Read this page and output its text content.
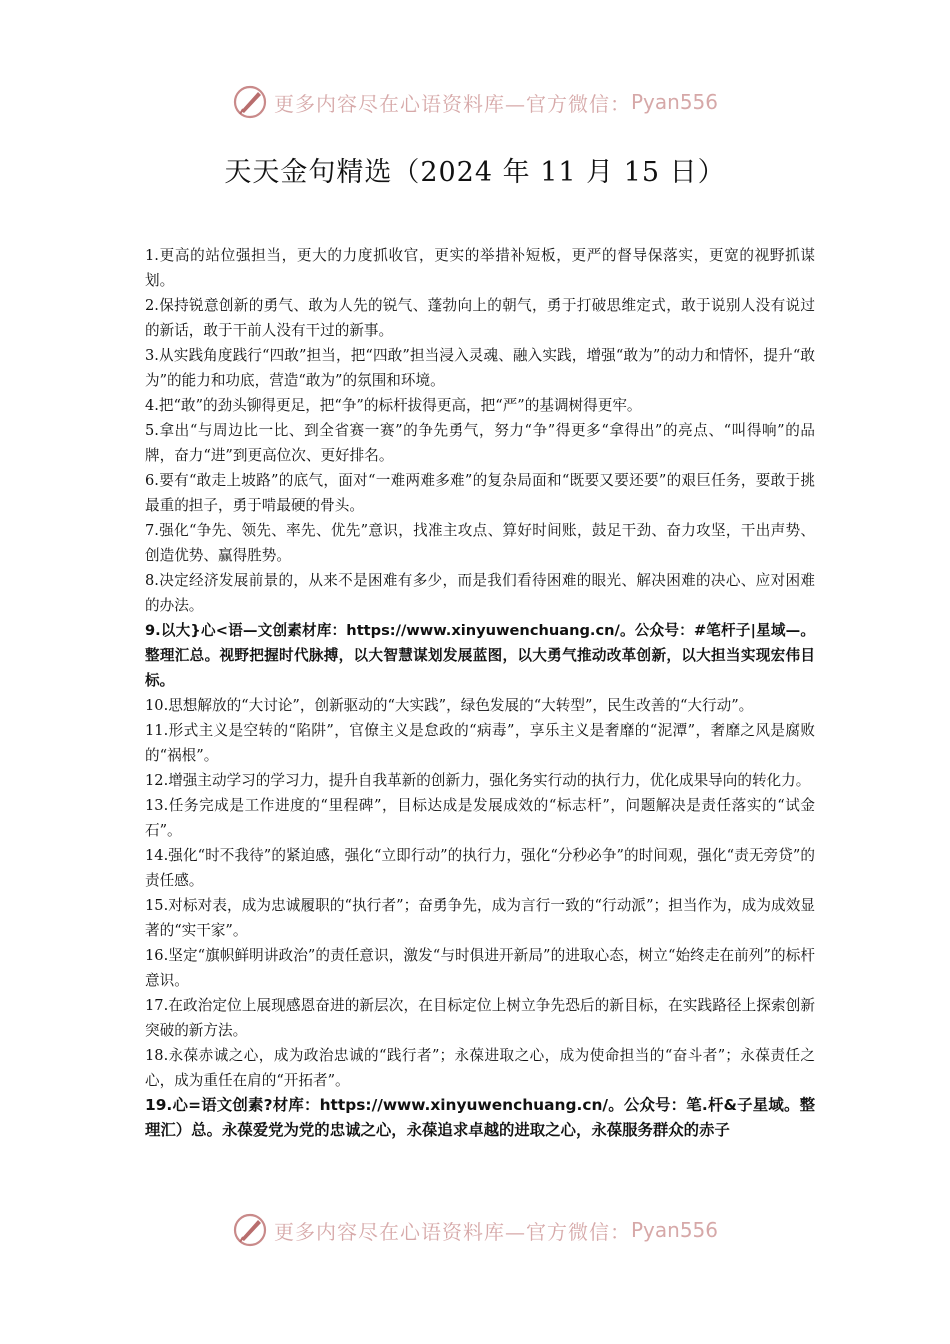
更多内容尽在心语资料库—官方微信： Pyan556
天天金句精选（2024 年 11 月 15 日）

1.更高的站位强担当，更大的力度抓收官，更实的举措补短板，更严的督导保落实，更宽的视野抓谋划。

2.保持锐意创新的勇气、敢为人先的锐气、蓬勃向上的朝气，勇于打破思维定式，敢于说别人没有说过的新话，敢于干前人没有干过的新事。

3.从实践角度践行“四敢”担当，把“四敢”担当浸入灵魂、融入实践，增强“敢为”的动力和情怀，提升“敢为”的能力和功底，营造“敢为”的氛围和环境。

4.把“敢”的劲头铆得更足，把“争”的标杆拔得更高，把“严”的基调树得更牢。

5.拿出“与周边比一比、到全省赛一赛”的争先勇气，努力“争”得更多“拿得出”的亮点、“叫得响”的品牌，奋力“进”到更高位次、更好排名。

6.要有“敢走上坡路”的底气，面对“一难两难多难”的复杂局面和“既要又要还要”的艰巨任务，要敢于挑最重的担子，勇于啃最硬的骨头。

7.强化“争先、领先、率先、优先”意识，找准主攻点、算好时间账，鼓足干劲、奋力攻坚，干出声势、创造优势、赢得胜势。

8.决定经济发展前景的，从来不是困难有多少，而是我们看待困难的眼光、解决困难的决心、应对困难的办法。

9.以大}心<语—文创素材库：https://www.xinyuwenchuang.cn/。公众号：#笔杆子|星域—。整理汇总。视野把握时代脉搏，以大智慧谋划发展蓝图，以大勇气推动改革创新，以大担当实现宏伟目标。

10.思想解放的“大讨论”，创新驱动的“大实践”，绿色发展的“大转型”，民生改善的“大行动”。

11.形式主义是空转的“陷阱”，官僚主义是怠政的“病毒”，享乐主义是奢靡的“泥潭”，奢靡之风是腐败的“祸根”。

12.增强主动学习的学习力，提升自我革新的创新力，强化务实行动的执行力，优化成果导向的转化力。

13.任务完成是工作进度的“里程碑”，目标达成是发展成效的“标志杆”，问题解决是责任落实的“试金石”。

14.强化“时不我待”的紧迫感，强化“立即行动”的执行力，强化“分秒必争”的时间观，强化“责无旁贷”的责任感。

15.对标对表，成为忠诚履职的“执行者”；奋勇争先，成为言行一致的“行动派”；担当作为，成为成效显著的“实干家”。

16.坚定“旗帜鲜明讲政治”的责任意识，激发“与时俱进开新局”的进取心态，树立“始终走在前列”的标杆意识。

17.在政治定位上展现感恩奋进的新层次，在目标定位上树立争先恐后的新目标，在实践路径上探索创新突破的新方法。

18.永葆赤诚之心，成为政治忠诚的“践行者”；永葆进取之心，成为使命担当的“奋斗者”；永葆责任之心，成为重任在肩的“开拓者”。

19.心=语文创素?材库：https://www.xinyuwenchuang.cn/。公众号：笔.杆&子星域。整理汇）总。永葆爱党为党的忠诚之心，永葆追求卓越的进取之心，永葆服务群众的赤子

更多内容尽在心语资料库—官方微信： Pyan556
